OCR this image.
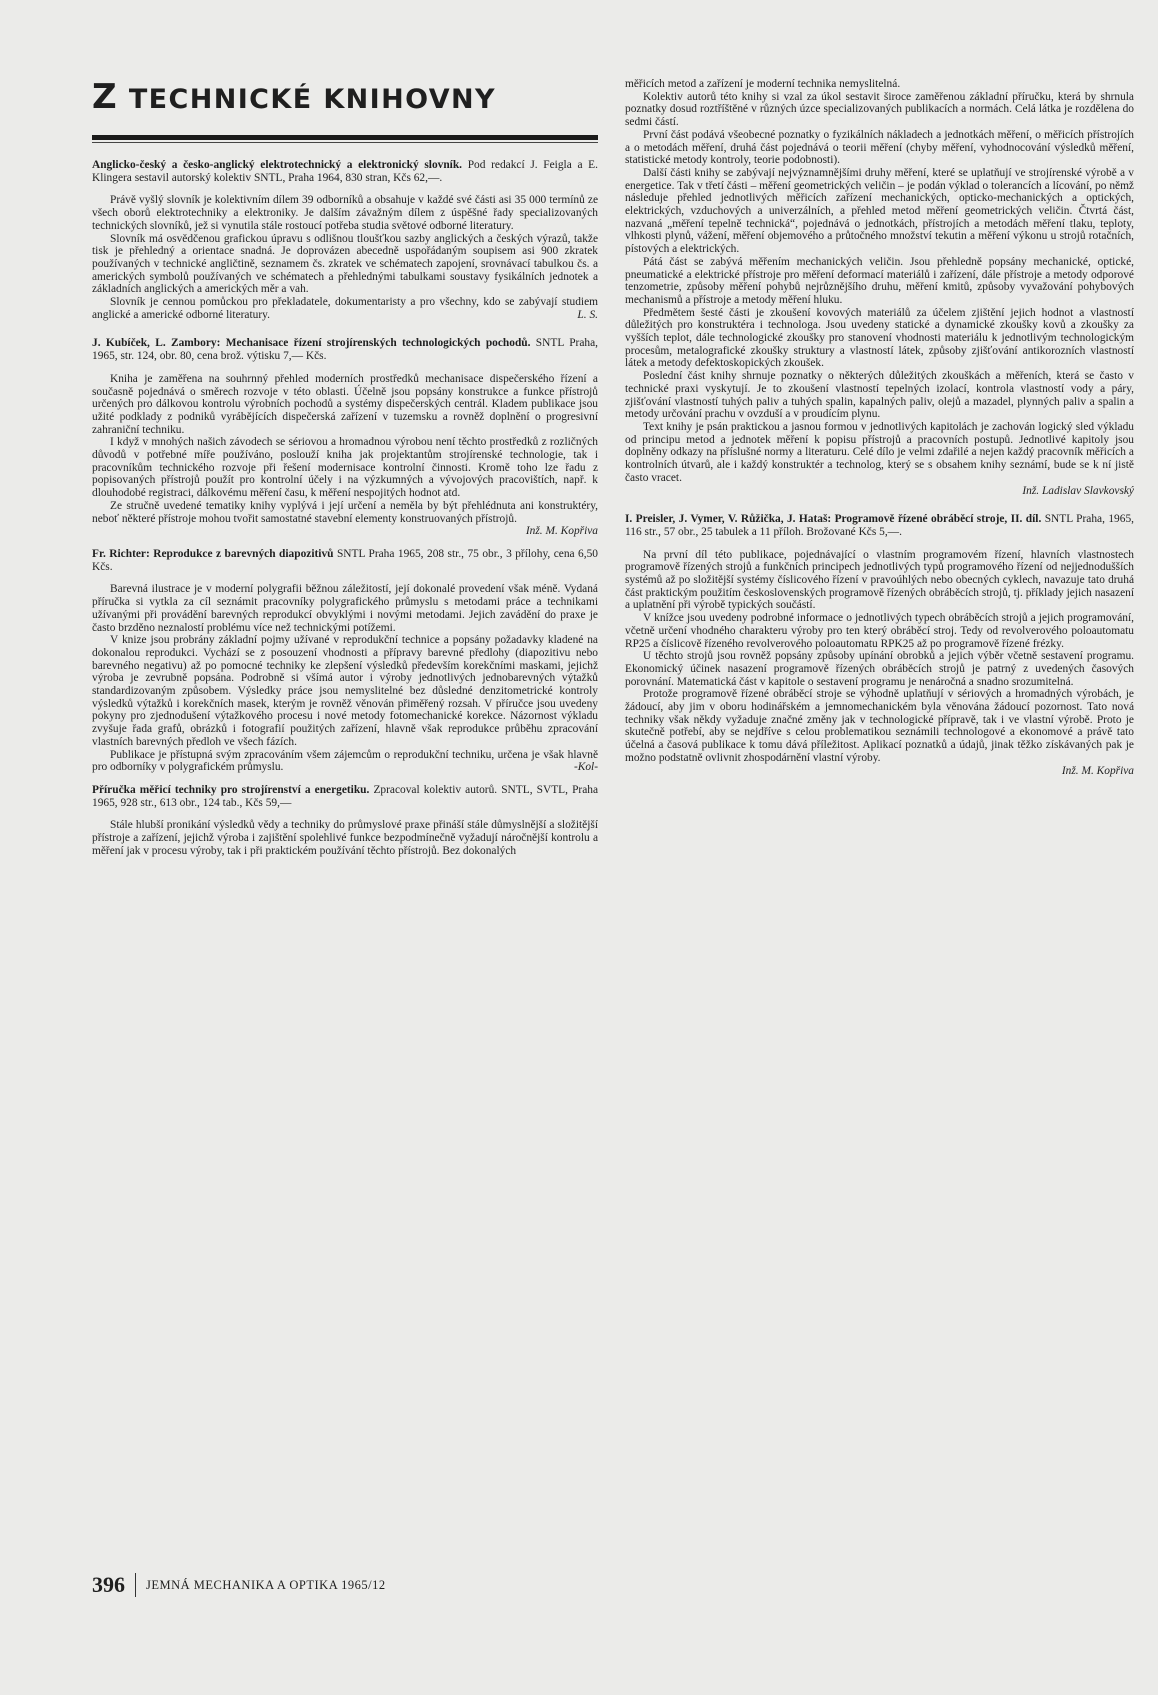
Z TECHNICKÉ KNIHOVNY

Anglicko-český a česko-anglický elektrotechnický a elektronický slovník. Pod redakcí J. Feigla a E. Klingera sestavil autorský kolektiv SNTL, Praha 1964, 830 stran, Kčs 62,—.

Právě vyšlý slovník je kolektivním dílem 39 odborníků a obsahuje v každé své části asi 35 000 termínů ze všech oborů elektrotechniky a elektroniky. Je dalším závažným dílem z úspěšné řady specializovaných technických slovníků, jež si vynutila stále rostoucí potřeba studia světové odborné literatury.

Slovník má osvědčenou grafickou úpravu s odlišnou tloušťkou sazby anglických a českých výrazů, takže tisk je přehledný a orientace snadná. Je doprovázen abecedně uspořádaným soupisem asi 900 zkratek používaných v technické angličtině, seznamem čs. zkratek ve schématech zapojení, srovnávací tabulkou čs. a amerických symbolů používaných ve schématech a přehlednými tabulkami soustavy fysikálních jednotek a základních anglických a amerických měr a vah.

Slovník je cennou pomůckou pro překladatele, dokumentaristy a pro všechny, kdo se zabývají studiem anglické a americké odborné literatury.	L. S.

J. Kubíček, L. Zambory: Mechanisace řízení strojírenských technologických pochodů. SNTL Praha, 1965, str. 124, obr. 80, cena brož. výtisku 7,— Kčs.

Kniha je zaměřena na souhrnný přehled moderních prostředků mechanisace dispečerského řízení a současně pojednává o směrech rozvoje v této oblasti. Účelně jsou popsány konstrukce a funkce přístrojů určených pro dálkovou kontrolu výrobních pochodů a systémy dispečerských centrál. Kladem publikace jsou užité podklady z podniků vyrábějících dispečerská zařízení v tuzemsku a rovněž doplnění o progresivní zahraniční techniku.

I když v mnohých našich závodech se sériovou a hromadnou výrobou není těchto prostředků z rozličných důvodů v potřebné míře používáno, poslouží kniha jak projektantům strojírenské technologie, tak i pracovníkům technického rozvoje při řešení modernisace kontrolní činnosti. Kromě toho lze řadu z popisovaných přístrojů použít pro kontrolní účely i na výzkumných a vývojových pracovištích, např. k dlouhodobé registraci, dálkovému měření času, k měření nespojitých hodnot atd.

Ze stručně uvedené tematiky knihy vyplývá i její určení a neměla by být přehlédnuta ani konstruktéry, neboť některé přístroje mohou tvořit samostatné stavební elementy konstruovaných přístrojů.

Inž. M. Kopřiva

Fr. Richter: Reprodukce z barevných diapozitivů SNTL Praha 1965, 208 str., 75 obr., 3 přílohy, cena 6,50 Kčs.

Barevná ilustrace je v moderní polygrafii běžnou záležitostí, její dokonalé provedení však méně. Vydaná příručka si vytkla za cíl seznámit pracovníky polygrafického průmyslu s metodami práce a technikami užívanými při provádění barevných reprodukcí obvyklými i novými metodami. Jejich zavádění do praxe je často brzděno neznalostí problému více než technickými potížemi.

V knize jsou probrány základní pojmy užívané v reprodukční technice a popsány požadavky kladené na dokonalou reprodukci. Vychází se z posouzení vhodnosti a přípravy barevné předlohy (diapozitivu nebo barevného negativu) až po pomocné techniky ke zlepšení výsledků především korekčními maskami, jejichž výroba je zevrubně popsána. Podrobně si všímá autor i výroby jednotlivých jednobarevných výtažků standardizovaným způsobem. Výsledky práce jsou nemyslitelné bez důsledné denzitometrické kontroly výsledků výtažků i korekčních masek, kterým je rovněž věnován přiměřený rozsah. V příručce jsou uvedeny pokyny pro zjednodušení výtažkového procesu i nové metody fotomechanické korekce. Názornost výkladu zvyšuje řada grafů, obrázků i fotografií použitých zařízení, hlavně však reprodukce průběhu zpracování vlastních barevných předloh ve všech fázích.

Publikace je přístupná svým zpracováním všem zájemcům o reprodukční techniku, určena je však hlavně pro odborníky v polygrafickém průmyslu.	-Kol-

Příručka měřicí techniky pro strojírenství a energetiku. Zpracoval kolektiv autorů. SNTL, SVTL, Praha 1965, 928 str., 613 obr., 124 tab., Kčs 59,—

Stále hlubší pronikání výsledků vědy a techniky do průmyslové praxe přináší stále důmyslnější a složitější přístroje a zařízení, jejichž výroba i zajištění spolehlivé funkce bezpodmínečně vyžadují náročnější kontrolu a měření jak v procesu výroby, tak i při praktickém používání těchto přístrojů. Bez dokonalých

měřicích metod a zařízení je moderní technika nemyslitelná.

Kolektiv autorů této knihy si vzal za úkol sestavit široce zaměřenou základní příručku, která by shrnula poznatky dosud roztříštěné v různých úzce specializovaných publikacích a normách. Celá látka je rozdělena do sedmi částí.

První část podává všeobecné poznatky o fyzikálních nákladech a jednotkách měření, o měřicích přístrojích a o metodách měření, druhá část pojednává o teorii měření (chyby měření, vyhodnocování výsledků měření, statistické metody kontroly, teorie podobnosti).

Další části knihy se zabývají nejvýznamnějšími druhy měření, které se uplatňují ve strojírenské výrobě a v energetice. Tak v třetí části – měření geometrických veličin – je podán výklad o tolerancích a lícování, po němž následuje přehled jednotlivých měřicích zařízení mechanických, opticko-mechanických a optických, elektrických, vzduchových a univerzálních, a přehled metod měření geometrických veličin. Čtvrtá část, nazvaná „měření tepelně technická“, pojednává o jednotkách, přístrojích a metodách měření tlaku, teploty, vlhkosti plynů, vážení, měření objemového a průtočného množství tekutin a měření výkonu u strojů rotačních, pístových a elektrických.

Pátá část se zabývá měřením mechanických veličin. Jsou přehledně popsány mechanické, optické, pneumatické a elektrické přístroje pro měření deformací materiálů i zařízení, dále přístroje a metody odporové tenzometrie, způsoby měření pohybů nejrůznějšího druhu, měření kmitů, způsoby vyvažování pohybových mechanismů a přístroje a metody měření hluku.

Předmětem šesté části je zkoušení kovových materiálů za účelem zjištění jejich hodnot a vlastností důležitých pro konstruktéra i technologa. Jsou uvedeny statické a dynamické zkoušky kovů a zkoušky za vyšších teplot, dále technologické zkoušky pro stanovení vhodnosti materiálu k jednotlivým technologickým procesům, metalografické zkoušky struktury a vlastností látek, způsoby zjišťování antikorozních vlastností látek a metody defektoskopických zkoušek.

Poslední část knihy shrnuje poznatky o některých důležitých zkouškách a měřeních, která se často v technické praxi vyskytují. Je to zkoušení vlastností tepelných izolací, kontrola vlastností vody a páry, zjišťování vlastností tuhých paliv a tuhých spalin, kapalných paliv, olejů a mazadel, plynných paliv a spalin a metody určování prachu v ovzduší a v proudícím plynu.

Text knihy je psán praktickou a jasnou formou v jednotlivých kapitolách je zachován logický sled výkladu od principu metod a jednotek měření k popisu přístrojů a pracovních postupů. Jednotlivé kapitoly jsou doplněny odkazy na příslušné normy a literaturu. Celé dílo je velmi zdařilé a nejen každý pracovník měřicích a kontrolních útvarů, ale i každý konstruktér a technolog, který se s obsahem knihy seznámí, bude se k ní jistě často vracet.

Inž. Ladislav Slavkovský

I. Preisler, J. Vymer, V. Růžička, J. Hataš: Programově řízené obráběcí stroje, II. díl. SNTL Praha, 1965, 116 str., 57 obr., 25 tabulek a 11 příloh. Brožované Kčs 5,—.

Na první díl této publikace, pojednávající o vlastním programovém řízení, hlavních vlastnostech programově řízených strojů a funkčních principech jednotlivých typů programového řízení od nejjednodušších systémů až po složitější systémy číslicového řízení v pravoúhlých nebo obecných cyklech, navazuje tato druhá část praktickým použitím československých programově řízených obráběcích strojů, tj. příklady jejich nasazení a uplatnění při výrobě typických součástí.

V knížce jsou uvedeny podrobné informace o jednotlivých typech obráběcích strojů a jejich programování, včetně určení vhodného charakteru výroby pro ten který obráběcí stroj. Tedy od revolverového poloautomatu RP25 a číslicově řízeného revolverového poloautomatu RPK25 až po programově řízené frézky.

U těchto strojů jsou rovněž popsány způsoby upínání obrobků a jejich výběr včetně sestavení programu. Ekonomický účinek nasazení programově řízených obráběcích strojů je patrný z uvedených časových porovnání. Matematická část v kapitole o sestavení programu je nenáročná a snadno srozumitelná.

Protože programově řízené obráběcí stroje se výhodně uplatňují v sériových a hromadných výrobách, je žádoucí, aby jim v oboru hodinářském a jemnomechanickém byla věnována žádoucí pozornost. Tato nová techniky však někdy vyžaduje značné změny jak v technologické přípravě, tak i ve vlastní výrobě. Proto je skutečně potřebí, aby se nejdříve s celou problematikou seznámili technologové a ekonomové a právě tato účelná a časová publikace k tomu dává příležitost. Aplikací poznatků a údajů, jinak těžko získávaných pak je možno podstatně ovlivnit zhospodárnění vlastní výroby.

Inž. M. Kopřiva

396 JEMNÁ MECHANIKA A OPTIKA 1965/12
